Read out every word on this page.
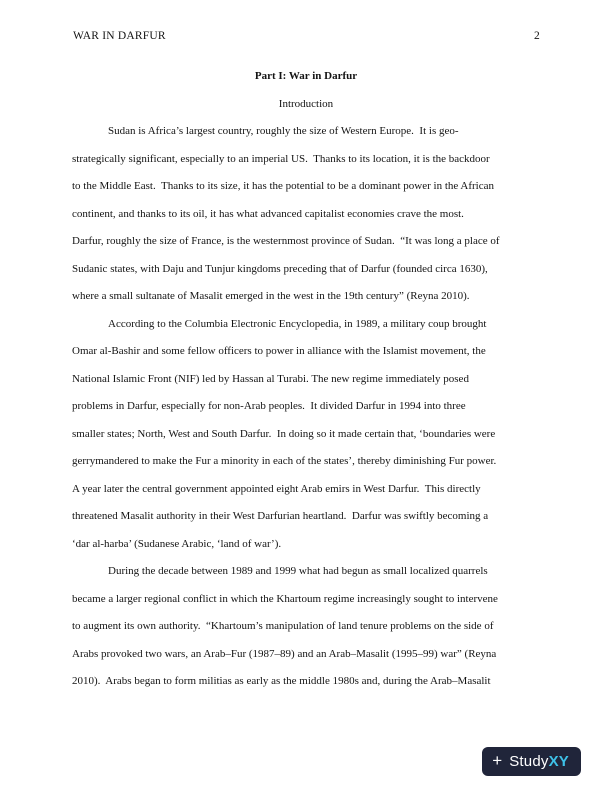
WAR IN DARFUR	2
Part I: War in Darfur
Introduction
Sudan is Africa’s largest country, roughly the size of Western Europe.  It is geo-
strategically significant, especially to an imperial US.  Thanks to its location, it is the backdoor
to the Middle East.  Thanks to its size, it has the potential to be a dominant power in the African
continent, and thanks to its oil, it has what advanced capitalist economies crave the most.
Darfur, roughly the size of France, is the westernmost province of Sudan.  “It was long a place of
Sudanic states, with Daju and Tunjur kingdoms preceding that of Darfur (founded circa 1630),
where a small sultanate of Masalit emerged in the west in the 19th century” (Reyna 2010).
According to the Columbia Electronic Encyclopedia, in 1989, a military coup brought
Omar al-Bashir and some fellow officers to power in alliance with the Islamist movement, the
National Islamic Front (NIF) led by Hassan al Turabi. The new regime immediately posed
problems in Darfur, especially for non-Arab peoples.  It divided Darfur in 1994 into three
smaller states; North, West and South Darfur.  In doing so it made certain that, ‘boundaries were
gerrymandered to make the Fur a minority in each of the states’, thereby diminishing Fur power.
A year later the central government appointed eight Arab emirs in West Darfur.  This directly
threatened Masalit authority in their West Darfurian heartland.  Darfur was swiftly becoming a
‘dar al-harba’ (Sudanese Arabic, ‘land of war’).
During the decade between 1989 and 1999 what had begun as small localized quarrels
became a larger regional conflict in which the Khartoum regime increasingly sought to intervene
to augment its own authority.  “Khartoum’s manipulation of land tenure problems on the side of
Arabs provoked two wars, an Arab–Fur (1987–89) and an Arab–Masalit (1995–99) war” (Reyna
2010).  Arabs began to form militias as early as the middle 1980s and, during the Arab–Masalit
+ Study XY
